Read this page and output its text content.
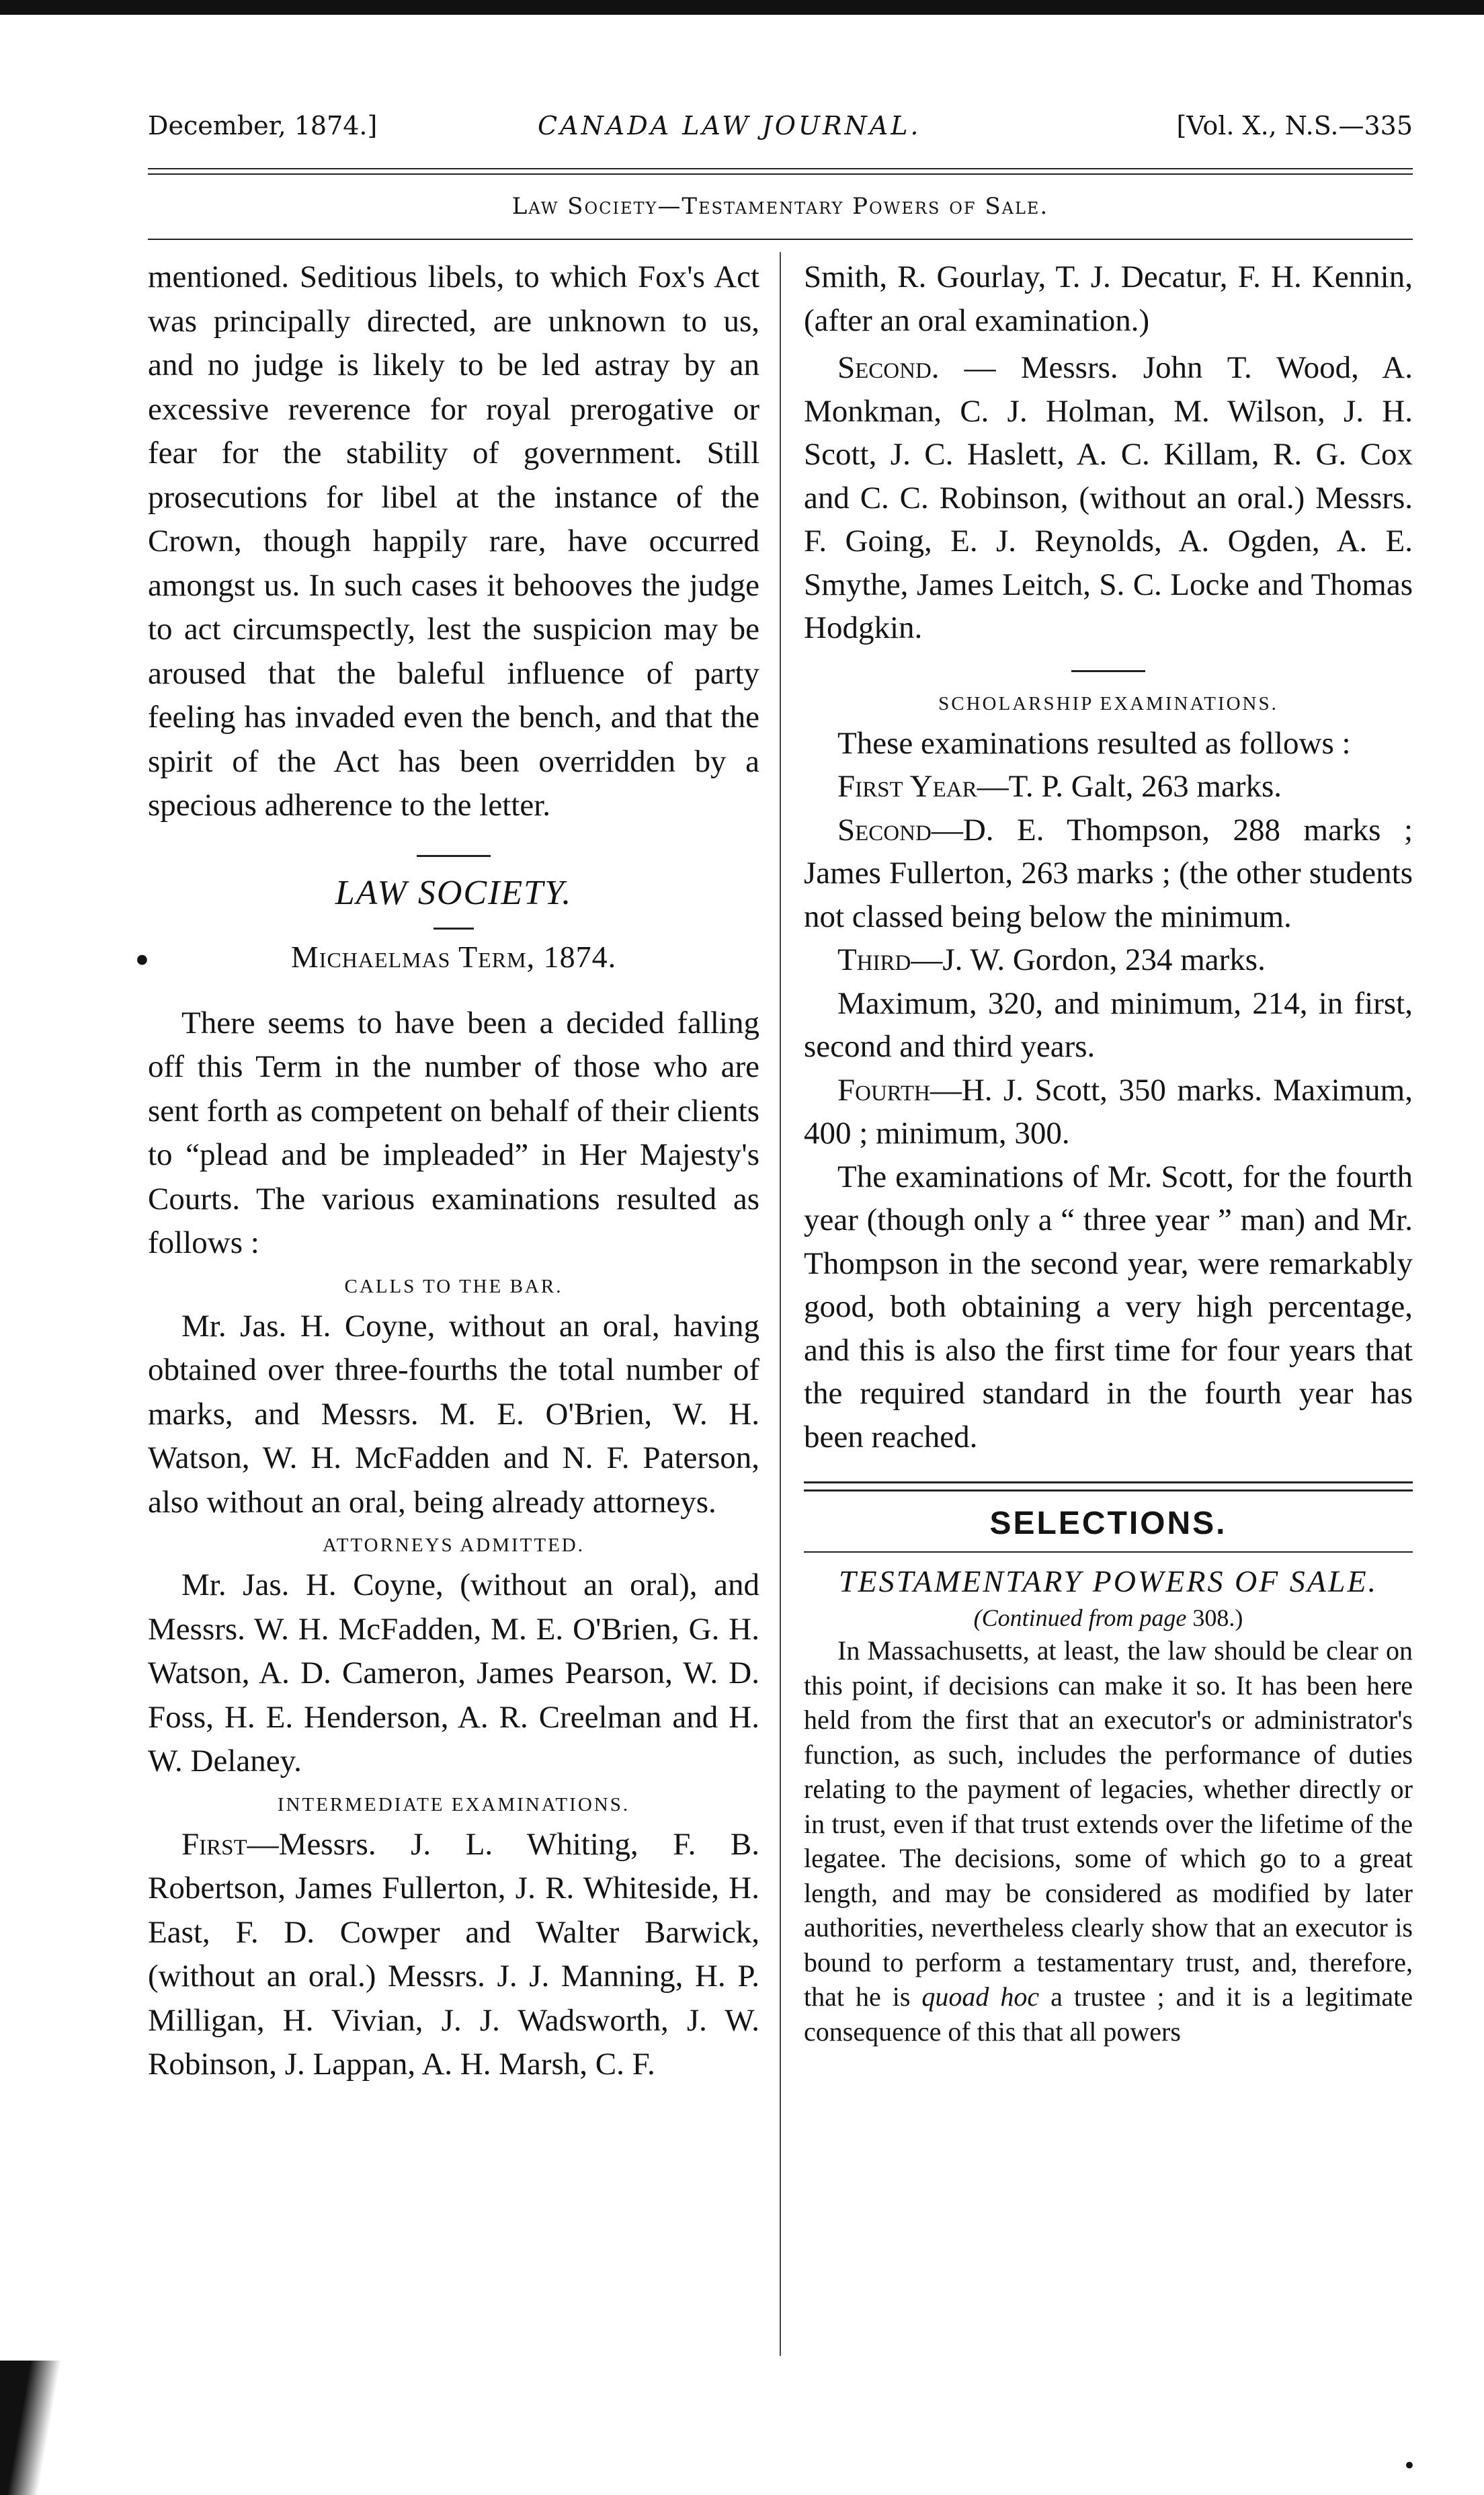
December, 1874.]	CANADA LAW JOURNAL.	[Vol. X., N.S.—335
Law Society—Testamentary Powers of Sale.

mentioned. Seditious libels, to which Fox's Act was principally directed, are unknown to us, and no judge is likely to be led astray by an excessive reverence for royal prerogative or fear for the stability of government. Still prosecutions for libel at the instance of the Crown, though happily rare, have occurred amongst us. In such cases it behooves the judge to act circumspectly, lest the suspicion may be aroused that the baleful influence of party feeling has invaded even the bench, and that the spirit of the Act has been overridden by a specious adherence to the letter.

LAW SOCIETY.
Michaelmas Term, 1874.

There seems to have been a decided falling off this Term in the number of those who are sent forth as competent on behalf of their clients to “plead and be impleaded” in Her Majesty's Courts. The various examinations resulted as follows :

CALLS TO THE BAR.

Mr. Jas. H. Coyne, without an oral, having obtained over three-fourths the total number of marks, and Messrs. M. E. O'Brien, W. H. Watson, W. H. McFadden and N. F. Paterson, also without an oral, being already attorneys.

ATTORNEYS ADMITTED.

Mr. Jas. H. Coyne, (without an oral), and Messrs. W. H. McFadden, M. E. O'Brien, G. H. Watson, A. D. Cameron, James Pearson, W. D. Foss, H. E. Henderson, A. R. Creelman and H. W. Delaney.

INTERMEDIATE EXAMINATIONS.

First—Messrs. J. L. Whiting, F. B. Robertson, James Fullerton, J. R. Whiteside, H. East, F. D. Cowper and Walter Barwick, (without an oral.) Messrs. J. J. Manning, H. P. Milligan, H. Vivian, J. J. Wadsworth, J. W. Robinson, J. Lappan, A. H. Marsh, C. F.

Smith, R. Gourlay, T. J. Decatur, F. H. Kennin, (after an oral examination.)

Second. — Messrs. John T. Wood, A. Monkman, C. J. Holman, M. Wilson, J. H. Scott, J. C. Haslett, A. C. Killam, R. G. Cox and C. C. Robinson, (without an oral.) Messrs. F. Going, E. J. Reynolds, A. Ogden, A. E. Smythe, James Leitch, S. C. Locke and Thomas Hodgkin.

SCHOLARSHIP EXAMINATIONS.

These examinations resulted as follows :

First Year—T. P. Galt, 263 marks.

Second—D. E. Thompson, 288 marks ; James Fullerton, 263 marks ; (the other students not classed being below the minimum.

Third—J. W. Gordon, 234 marks.

Maximum, 320, and minimum, 214, in first, second and third years.

Fourth—H. J. Scott, 350 marks. Maximum, 400 ; minimum, 300.

The examinations of Mr. Scott, for the fourth year (though only a “ three year ” man) and Mr. Thompson in the second year, were remarkably good, both obtaining a very high percentage, and this is also the first time for four years that the required standard in the fourth year has been reached.

SELECTIONS.
TESTAMENTARY POWERS OF SALE.
(Continued from page 308.)

In Massachusetts, at least, the law should be clear on this point, if decisions can make it so. It has been here held from the first that an executor's or administrator's function, as such, includes the performance of duties relating to the payment of legacies, whether directly or in trust, even if that trust extends over the lifetime of the legatee. The decisions, some of which go to a great length, and may be considered as modified by later authorities, nevertheless clearly show that an executor is bound to perform a testamentary trust, and, therefore, that he is quoad hoc a trustee ; and it is a legitimate consequence of this that all powers

•
•
